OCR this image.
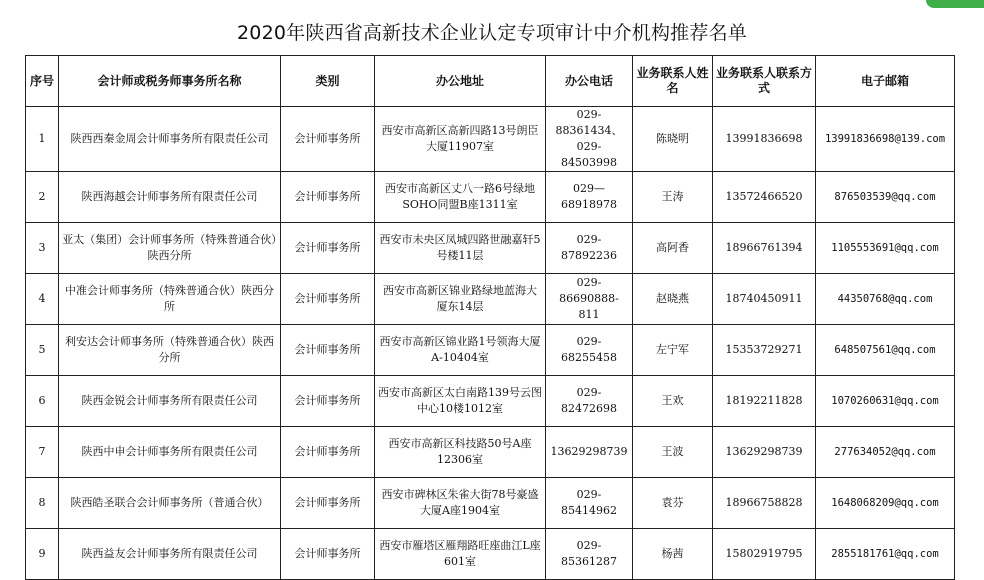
2020年陕西省高新技术企业认定专项审计中介机构推荐名单
序号	会计师或税务师事务所名称	类别	办公地址	办公电话	业务联系人姓名	业务联系人联系方式	电子邮箱
1	陕西西秦金周会计师事务所有限责任公司	会计师事务所	西安市高新区高新四路13号朗臣大厦11907室	029-88361434、029-84503998	陈晓明	13991836698	13991836698@139.com
2	陕西海越会计师事务所有限责任公司	会计师事务所	西安市高新区丈八一路6号绿地SOHO同盟B座1311室	029—68918978	王涛	13572466520	876503539@qq.com
3	亚太（集团）会计师事务所（特殊普通合伙）陕西分所	会计师事务所	西安市未央区凤城四路世融嘉轩5号楼11层	029-87892236	高阿香	18966761394	1105553691@qq.com
4	中准会计师事务所（特殊普通合伙）陕西分所	会计师事务所	西安市高新区锦业路绿地蓝海大厦东14层	029-86690888-811	赵晓燕	18740450911	44350768@qq.com
5	利安达会计师事务所（特殊普通合伙）陕西分所	会计师事务所	西安市高新区锦业路1号领海大厦A-10404室	029-68255458	左宁军	15353729271	648507561@qq.com
6	陕西金锐会计师事务所有限责任公司	会计师事务所	西安市高新区太白南路139号云图中心10楼1012室	029-82472698	王欢	18192211828	1070260631@qq.com
7	陕西中申会计师事务所有限责任公司	会计师事务所	西安市高新区科技路50号A座12306室	13629298739	王波	13629298739	277634052@qq.com
8	陕西皓圣联合会计师事务所（普通合伙）	会计师事务所	西安市碑林区朱雀大街78号豪盛大厦A座1904室	029-85414962	袁芬	18966758828	1648068209@qq.com
9	陕西益友会计师事务所有限责任公司	会计师事务所	西安市雁塔区雁翔路旺座曲江L座601室	029-85361287	杨茜	15802919795	2855181761@qq.com
